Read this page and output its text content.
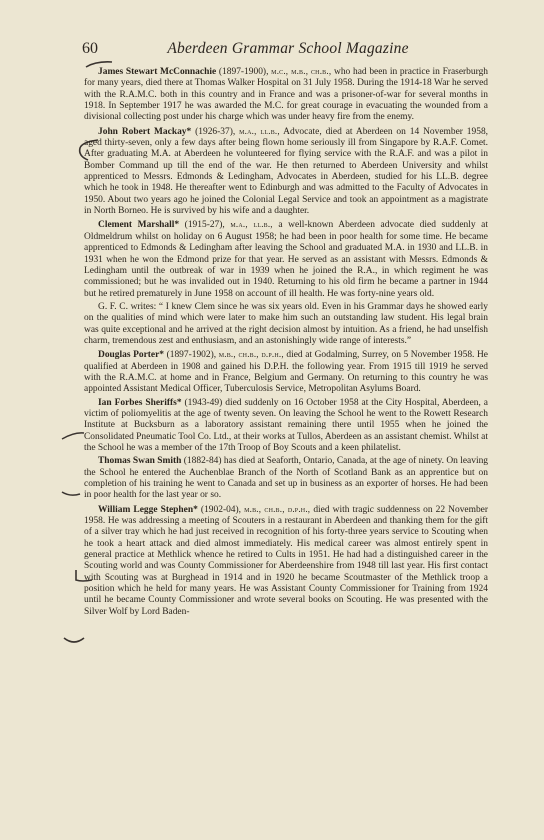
60	Aberdeen Grammar School Magazine

James Stewart McConnachie (1897-1900), m.c., m.b., ch.b., who had been in practice in Fraserburgh for many years, died there at Thomas Walker Hospital on 31 July 1958. During the 1914-18 War he served with the R.A.M.C. both in this country and in France and was a prisoner-of-war for several months in 1918. In September 1917 he was awarded the M.C. for great courage in evacuating the wounded from a divisional collecting post under his charge which was under heavy fire from the enemy.

John Robert Mackay* (1926-37), m.a., ll.b., Advocate, died at Aberdeen on 14 November 1958, aged thirty-seven, only a few days after being flown home seriously ill from Singapore by R.A.F. Comet. After graduating M.A. at Aberdeen he volunteered for flying service with the R.A.F. and was a pilot in Bomber Command up till the end of the war. He then returned to Aberdeen University and whilst apprenticed to Messrs. Edmonds & Ledingham, Advocates in Aberdeen, studied for his LL.B. degree which he took in 1948. He thereafter went to Edinburgh and was admitted to the Faculty of Advocates in 1950. About two years ago he joined the Colonial Legal Service and took an appointment as a magistrate in North Borneo. He is survived by his wife and a daughter.

Clement Marshall* (1915-27), m.a., ll.b., a well-known Aberdeen advocate died suddenly at Oldmeldrum whilst on holiday on 6 August 1958; he had been in poor health for some time. He became apprenticed to Edmonds & Ledingham after leaving the School and graduated M.A. in 1930 and LL.B. in 1931 when he won the Edmond prize for that year. He served as an assistant with Messrs. Edmonds & Ledingham until the outbreak of war in 1939 when he joined the R.A., in which regiment he was commissioned; but he was invalided out in 1940. Returning to his old firm he became a partner in 1944 but he retired prematurely in June 1958 on account of ill health. He was forty-nine years old.

G. F. C. writes: “ I knew Clem since he was six years old. Even in his Grammar days he showed early on the qualities of mind which were later to make him such an outstanding law student. His legal brain was quite exceptional and he arrived at the right decision almost by intuition. As a friend, he had unselfish charm, tremendous zest and enthusiasm, and an astonishingly wide range of interests.”

Douglas Porter* (1897-1902), m.b., ch.b., d.p.h., died at Godalming, Surrey, on 5 November 1958. He qualified at Aberdeen in 1908 and gained his D.P.H. the following year. From 1915 till 1919 he served with the R.A.M.C. at home and in France, Belgium and Germany. On returning to this country he was appointed Assistant Medical Officer, Tuberculosis Service, Metropolitan Asylums Board.

Ian Forbes Sheriffs* (1943-49) died suddenly on 16 October 1958 at the City Hospital, Aberdeen, a victim of poliomyelitis at the age of twenty seven. On leaving the School he went to the Rowett Research Institute at Bucksburn as a laboratory assistant remaining there until 1955 when he joined the Consolidated Pneumatic Tool Co. Ltd., at their works at Tullos, Aberdeen as an assistant chemist. Whilst at the School he was a member of the 17th Troop of Boy Scouts and a keen philatelist.

Thomas Swan Smith (1882-84) has died at Seaforth, Ontario, Canada, at the age of ninety. On leaving the School he entered the Auchenblae Branch of the North of Scotland Bank as an apprentice but on completion of his training he went to Canada and set up in business as an exporter of horses. He had been in poor health for the last year or so.

William Legge Stephen* (1902-04), m.b., ch.b., d.p.h., died with tragic suddenness on 22 November 1958. He was addressing a meeting of Scouters in a restaurant in Aberdeen and thanking them for the gift of a silver tray which he had just received in recognition of his forty-three years service to Scouting when he took a heart attack and died almost immediately. His medical career was almost entirely spent in general practice at Methlick whence he retired to Cults in 1951. He had had a distinguished career in the Scouting world and was County Commissioner for Aberdeenshire from 1948 till last year. His first contact with Scouting was at Burghead in 1914 and in 1920 he became Scoutmaster of the Methlick troop a position which he held for many years. He was Assistant County Commissioner for Training from 1924 until he became County Commissioner and wrote several books on Scouting. He was presented with the Silver Wolf by Lord Baden-
